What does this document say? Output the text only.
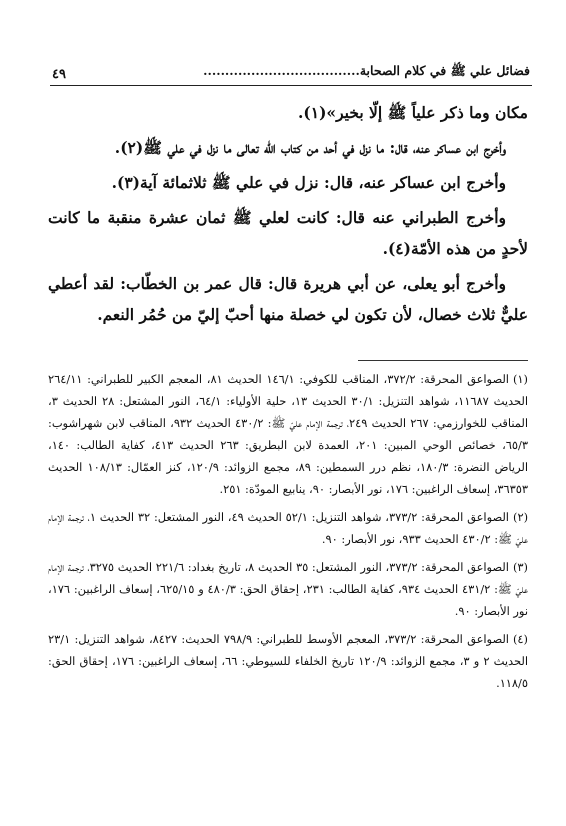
فضائل علي ﷺ في كلام الصحابة....................................
٤٩

مكان وما ذكر علياً ﷺ إلّا بخير»(١).

وأخرج ابن عساكر عنه، قال: ما نزل في أحد من كتاب الله تعالى ما نزل في علي ﷺ(٢).

وأخرج ابن عساكر عنه، قال: نزل في علي ﷺ ثلاثمائة آية(٣).

وأخرج الطبراني عنه قال: كانت لعلي ﷺ ثمان عشرة منقبة ما كانت لأحدٍ من هذه الأمّة(٤).

وأخرج أبو يعلى، عن أبي هريرة قال: قال عمر بن الخطّاب: لقد أعطي عليٌّ ثلاث خصال، لأن تكون لي خصلة منها أحبّ إليّ من حُمُر النعم.

(١)الصواعق المحرقة: ٣٧٢/٢، المناقب للكوفي: ١٤٦/١ الحديث ٨١، المعجم الكبير للطبراني: ٢٦٤/١١ الحديث ١١٦٨٧، شواهد التنزيل: ٣٠/١ الحديث ١٣، حلية الأولياء: ٦٤/١، النور المشتعل: ٢٨ الحديث ٣، المناقب للخوارزمي: ٢٦٧ الحديث ٢٤٩، ترجمة الإمام عليّ ﷺ: ٤٣٠/٢ الحديث ٩٣٢، المناقب لابن شهراشوب: ٦٥/٣، خصائص الوحي المبين: ٢٠١، العمدة لابن البطريق: ٢٦٣ الحديث ٤١٣، كفاية الطالب: ١٤٠، الرياض النضرة: ١٨٠/٣، نظم درر السمطين: ٨٩، مجمع الزوائد: ١٢٠/٩، كنز العمّال: ١٠٨/١٣ الحديث ٣٦٣٥٣، إسعاف الراغبين: ١٧٦، نور الأبصار: ٩٠، ينابيع المودّة: ٢٥١.

(٢)الصواعق المحرقة: ٣٧٣/٢، شواهد التنزيل: ٥٢/١ الحديث ٤٩، النور المشتعل: ٣٢ الحديث ١، ترجمة الإمام عليّ ﷺ: ٤٣٠/٢ الحديث ٩٣٣، نور الأبصار: ٩٠.

(٣)الصواعق المحرقة: ٣٧٣/٢، النور المشتعل: ٣٥ الحديث ٨، تاريخ بغداد: ٢٢١/٦ الحديث ٣٢٧٥، ترجمة الإمام عليّ ﷺ: ٤٣١/٢ الحديث ٩٣٤، كفاية الطالب: ٢٣١، إحقاق الحق: ٤٨٠/٣ و ٦٢٥/١٥، إسعاف الراغبين: ١٧٦، نور الأبصار: ٩٠.

(٤)الصواعق المحرقة: ٣٧٣/٢، المعجم الأوسط للطبراني: ٧٩٨/٩ الحديث: ٨٤٢٧، شواهد التنزيل: ٢٣/١ الحديث ٢ و ٣، مجمع الزوائد: ١٢٠/٩ تاريخ الخلفاء للسيوطي: ٦٦، إسعاف الراغبين: ١٧٦، إحقاق الحق: ١١٨/٥.
